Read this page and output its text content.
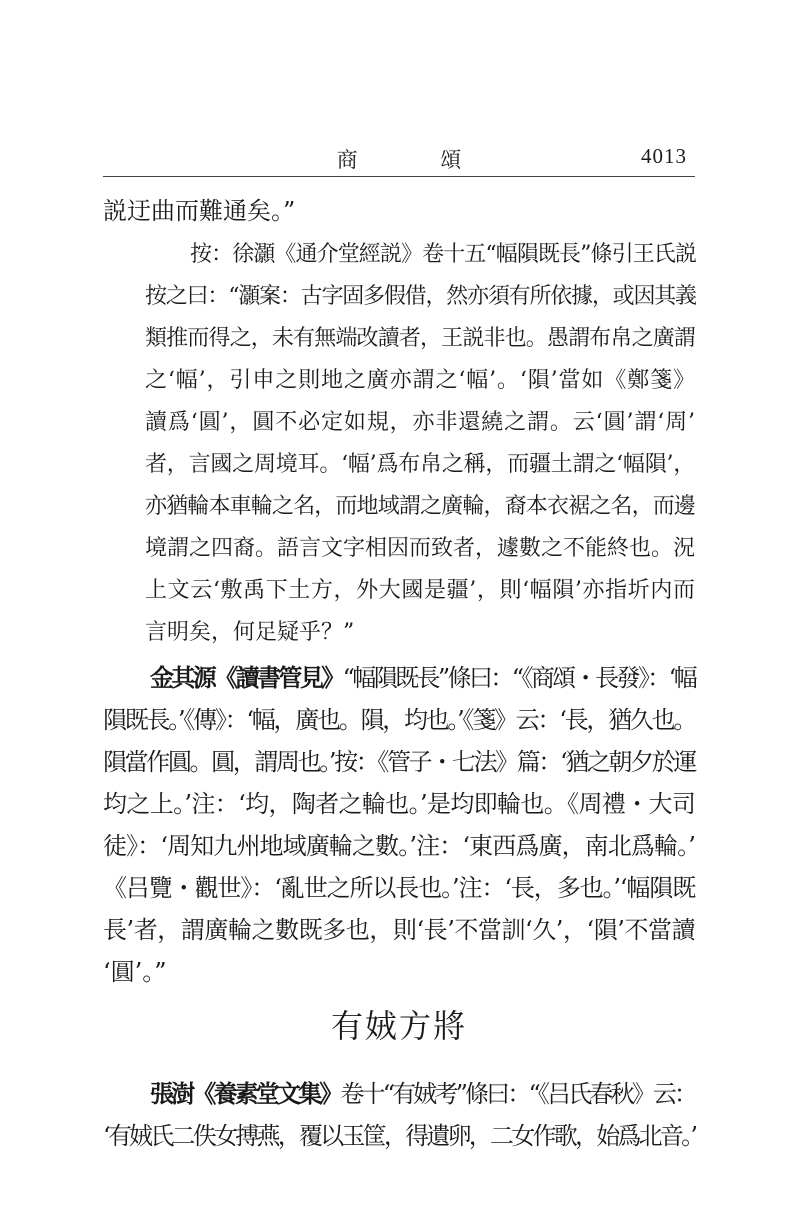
商 頌	4013
説迂曲而難通矣。”
按：徐灝《通介堂經説》卷十五“幅隕既長”條引王氏説
按之曰：“灝案：古字固多假借，然亦須有所依據，或因其義
類推而得之，未有無端改讀者，王説非也。愚謂布帛之廣謂
之‘幅’，引申之則地之廣亦謂之‘幅’。‘隕’當如《鄭箋》
讀爲‘圓’，圓不必定如規，亦非還繞之謂。云‘圓’謂‘周’
者，言國之周境耳。‘幅’爲布帛之稱，而疆土謂之‘幅隕’，
亦猶輪本車輪之名，而地域謂之廣輪，裔本衣裾之名，而邊
境謂之四裔。語言文字相因而致者，遽數之不能終也。況
上文云‘敷禹下土方，外大國是疆’，則‘幅隕’亦指圻内而
言明矣，何足疑乎？”
金其源《讀書管見》“幅隕既長”條曰：“《商頌・長發》：‘幅
隕既長。’《傳》：‘幅，廣也。隕，均也。’《箋》云：‘長，猶久也。
隕當作圓。圓，謂周也。’按：《管子・七法》篇：‘猶之朝夕於運
均之上。’注：‘均，陶者之輪也。’是均即輪也。《周禮・大司
徒》：‘周知九州地域廣輪之數。’注：‘東西爲廣，南北爲輪。’
《吕覽・觀世》：‘亂世之所以長也。’注：‘長，多也。’‘幅隕既
長’者，謂廣輪之數既多也，則‘長’不當訓‘久’，‘隕’不當讀
‘圓’。”
有娀方將
張澍《養素堂文集》卷十“有娀考”條曰：“《吕氏春秋》云：
‘有娀氏二佚女搏燕，覆以玉筐，得遺卵，二女作歌，始爲北音。’
